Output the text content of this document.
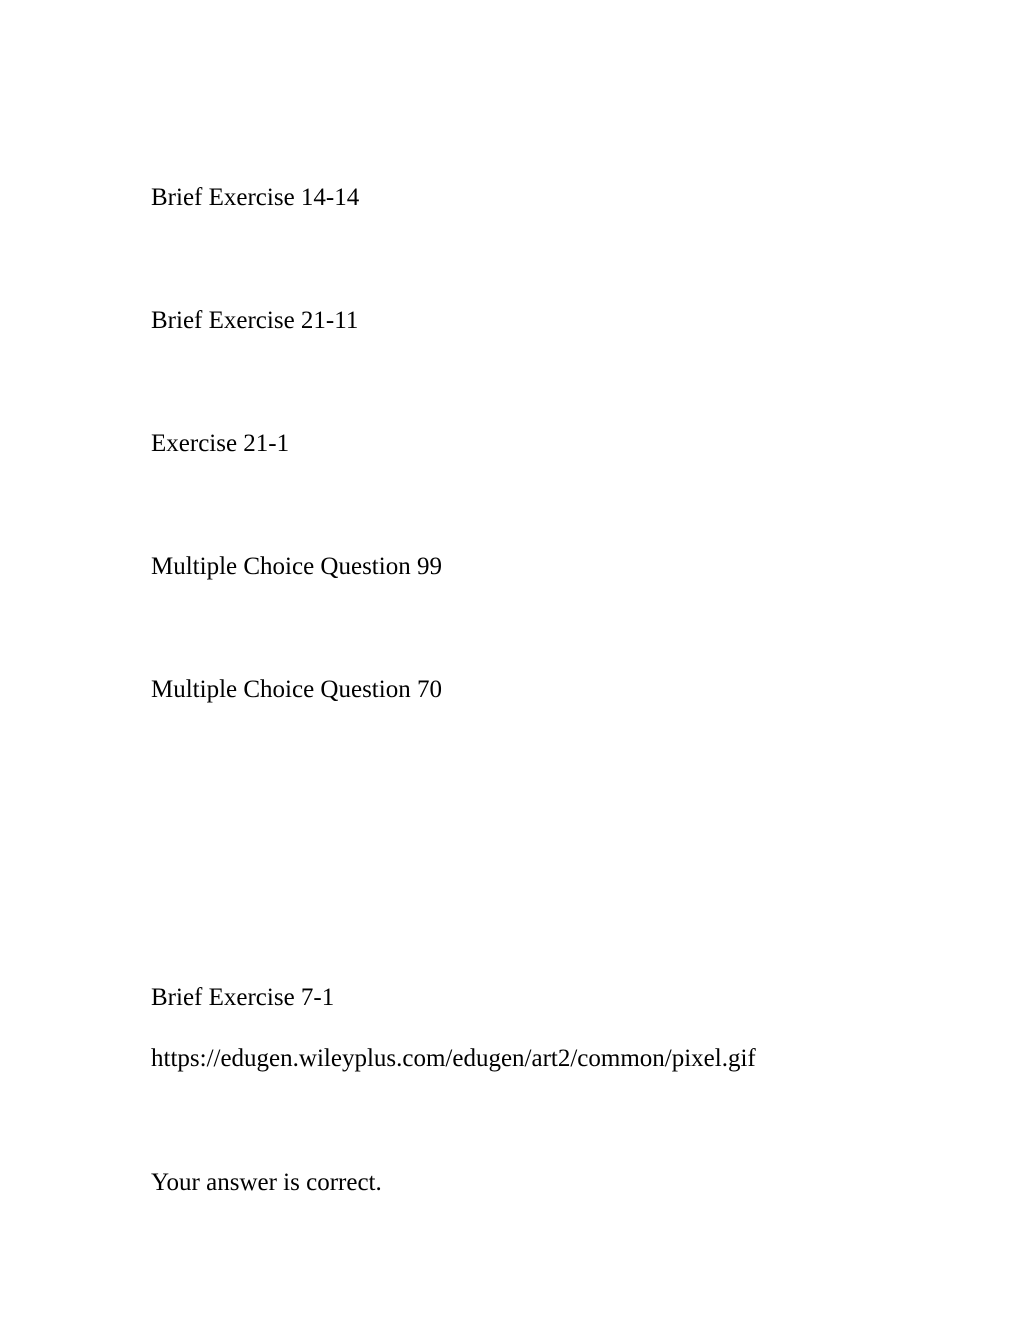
Brief Exercise 14-14
Brief Exercise 21-11
Exercise 21-1
Multiple Choice Question 99
Multiple Choice Question 70
Brief Exercise 7-1
https://edugen.wileyplus.com/edugen/art2/common/pixel.gif
Your answer is correct.
